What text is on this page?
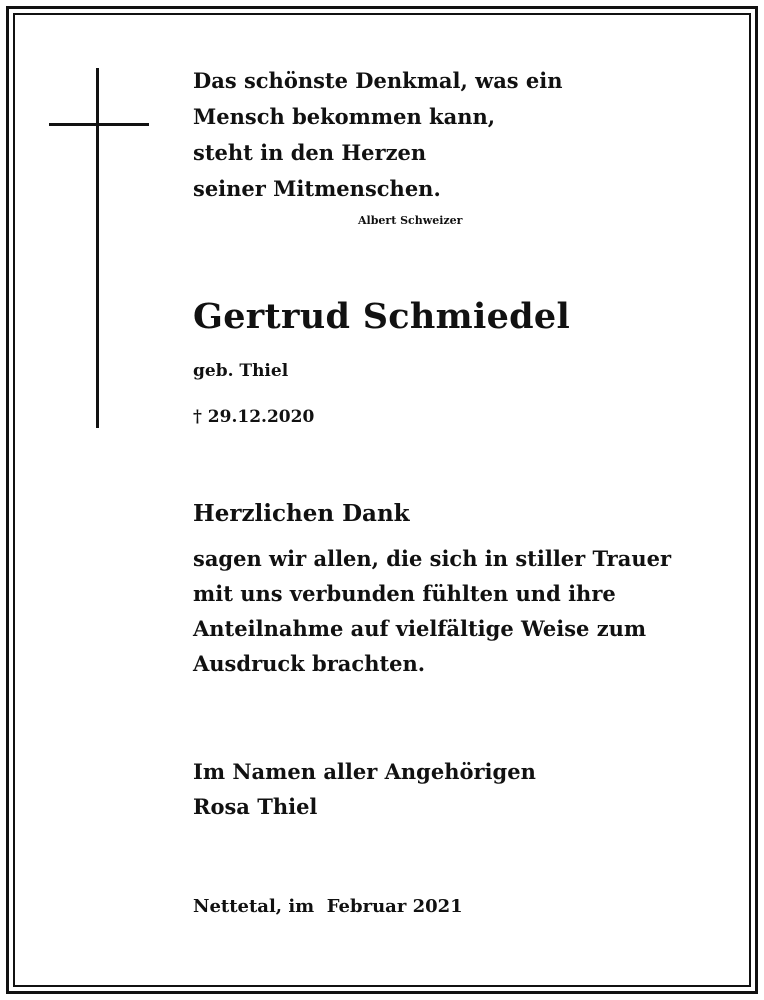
Das schönste Denkmal, was ein
Mensch bekommen kann,
steht in den Herzen
seiner Mitmenschen.
Albert Schweizer
Gertrud Schmiedel
geb. Thiel
† 29.12.2020
Herzlichen Dank
sagen wir allen, die sich in stiller Trauer
mit uns verbunden fühlten und ihre
Anteilnahme auf vielfältige Weise zum
Ausdruck brachten.
Im Namen aller Angehörigen
Rosa Thiel
Nettetal, im  Februar 2021
